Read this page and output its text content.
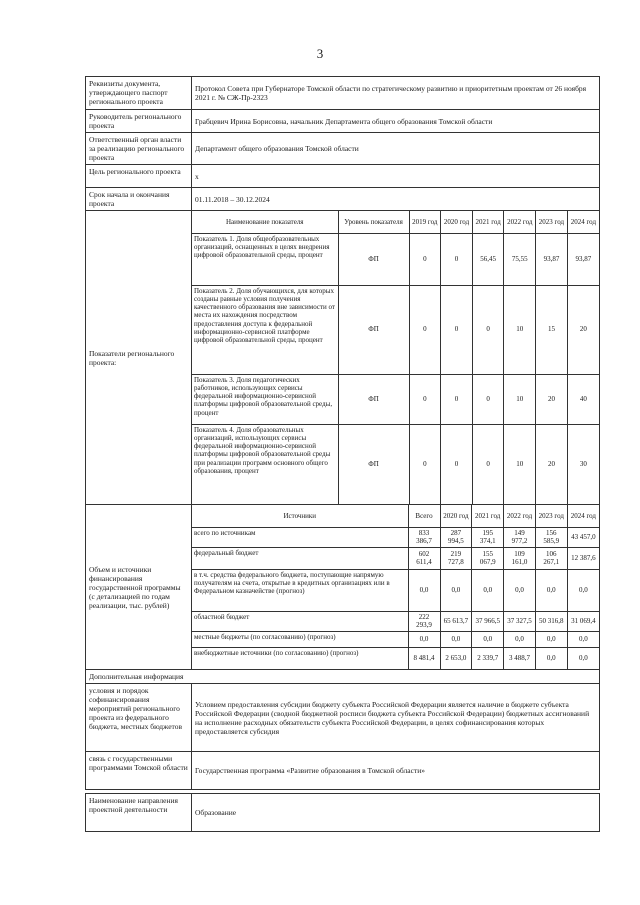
3
Реквизиты документа, утверждающего паспорт регионального проекта	Протокол Совета при Губернаторе Томской области по стратегическому развитию и приоритетным проектам от 26 ноября 2021 г. № СЖ-Пр-2323
Руководитель регионального проекта	Грабцевич Ирина Борисовна, начальник Департамента общего образования Томской области
Ответственный орган власти за реализацию регионального проекта	Департамент общего образования Томской области
Цель регионального проекта	x
Срок начала и окончания проекта	01.11.2018 – 30.12.2024
Показатели регионального проекта:	
Наименование показателя	Уровень показателя	2019 год	2020 год	2021 год	2022 год	2023 год	2024 год
Показатель 1. Доля общеобразовательных организаций, оснащенных в целях внедрения цифровой образовательной среды, процент	ФП	0	0	56,45	75,55	93,87	93,87
Показатель 2. Доля обучающихся, для которых созданы равные условия получения качественного образования вне зависимости от места их нахождения посредством предоставления доступа к федеральной информационно-сервисной платформе цифровой образовательной среды, процент	ФП	0	0	0	10	15	20
Показатель 3. Доля педагогических работников, использующих сервисы федеральной информационно-сервисной платформы цифровой образовательной среды, процент	ФП	0	0	0	10	20	40
Показатель 4. Доля образовательных организаций, использующих сервисы федеральной информационно-сервисной платформы цифровой образовательной среды при реализации программ основного общего образования, процент	ФП	0	0	0	10	20	30

Объем и источники финансирования государственной программы (с детализацией по годам реализации, тыс. рублей)	
Источники	Всего	2020 год	2021 год	2022 год	2023 год	2024 год
всего по источникам	833 386,7	287 994,5	195 374,1	149 977,2	156 585,9	43 457,0
федеральный бюджет	602 611,4	219 727,8	155 067,9	109 161,0	106 267,1	12 387,6
в т.ч. средства федерального бюджета, поступающие напрямую получателям на счета, открытые в кредитных организациях или в Федеральном казначействе (прогноз)	0,0	0,0	0,0	0,0	0,0	0,0
областной бюджет	222 293,9	65 613,7	37 966,5	37 327,5	50 316,8	31 069,4
местные бюджеты (по согласованию) (прогноз)	0,0	0,0	0,0	0,0	0,0	0,0
внебюджетные источники (по согласованию) (прогноз)	8 481,4	2 653,0	2 339,7	3 488,7	0,0	0,0

Дополнительная информация
условия и порядок софинансирования мероприятий регионального проекта из федерального бюджета, местных бюджетов	Условием предоставления субсидии бюджету субъекта Российской Федерации является наличие в бюджете субъекта Российской Федерации (сводной бюджетной росписи бюджета субъекта Российской Федерации) бюджетных ассигнований на исполнение расходных обязательств субъекта Российской Федерации, в целях софинансирования которых предоставляется субсидия
связь с государственными программами Томской области	Государственная программа «Развитие образования в Томской области»
Наименование направления проектной деятельности	Образование
